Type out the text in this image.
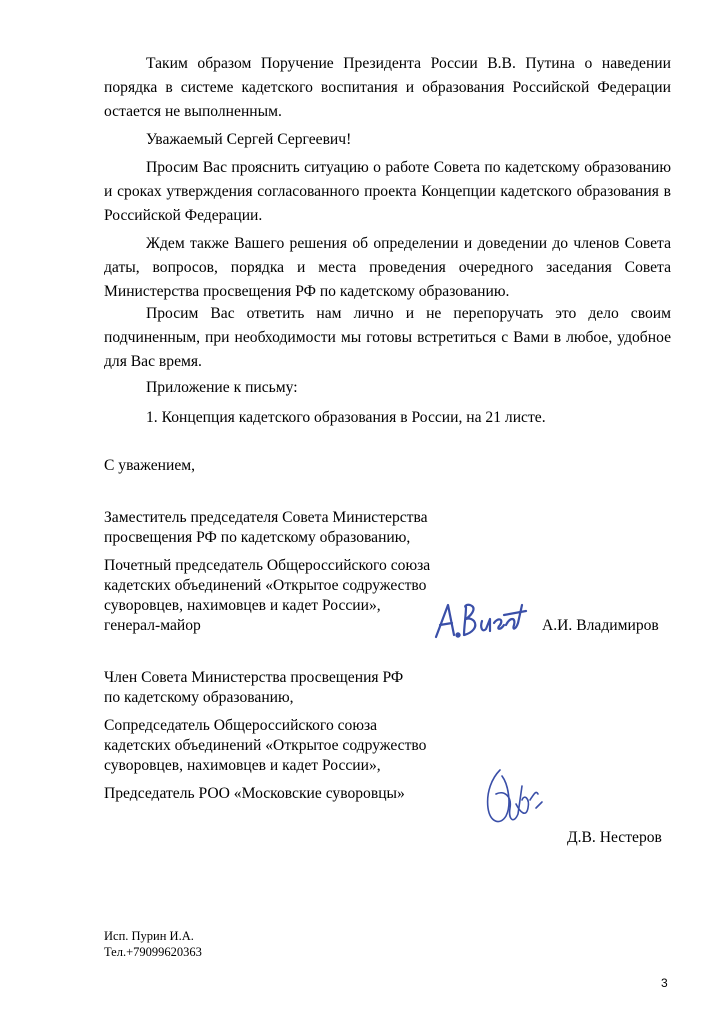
Таким образом Поручение Президента России В.В. Путина о наведении порядка в системе кадетского воспитания и образования Российской Федерации остается не выполненным.
Уважаемый Сергей Сергеевич!
Просим Вас прояснить ситуацию о работе Совета по кадетскому образованию и сроках утверждения согласованного проекта Концепции кадетского образования в Российской Федерации.
Ждем также Вашего решения об определении и доведении до членов Совета даты, вопросов, порядка и места проведения очередного заседания Совета Министерства просвещения РФ по кадетскому образованию.
Просим Вас ответить нам лично и не перепоручать это дело своим подчиненным, при необходимости мы готовы встретиться с Вами в любое, удобное для Вас время.
Приложение к письму:
1. Концепция кадетского образования в России, на 21 листе.
С уважением,
Заместитель председателя Совета Министерства
просвещения РФ по кадетскому образованию,
Почетный председатель Общероссийского союза
кадетских объединений «Открытое содружество
суворовцев, нахимовцев и кадет России»,
генерал-майор	А.И. Владимиров
Член Совета Министерства просвещения РФ
по кадетскому образованию,
Сопредседатель Общероссийского союза
кадетских объединений «Открытое содружество
суворовцев, нахимовцев и кадет России»,
Председатель РОО «Московские суворовцы»
Д.В. Нестеров
Исп. Пурин И.А.
Тел.+79099620363
3
